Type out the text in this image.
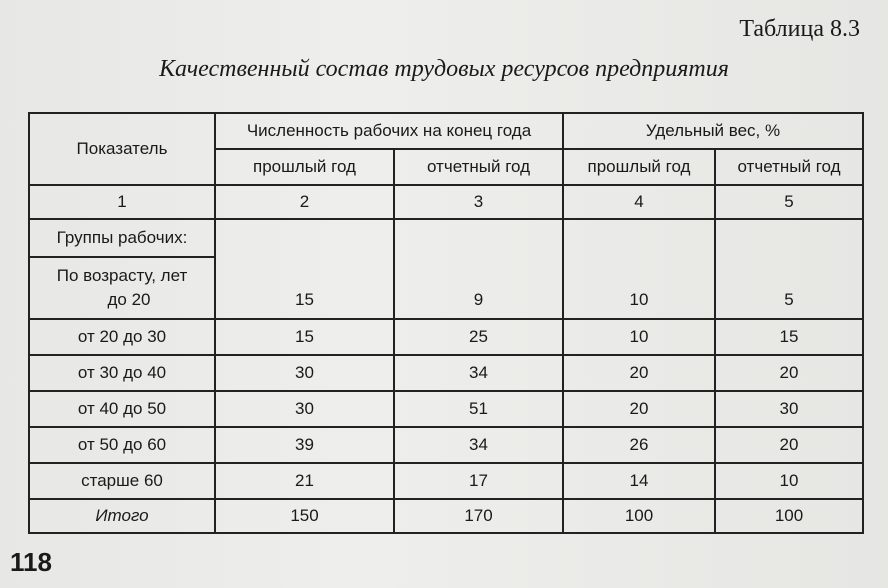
Таблица 8.3
Качественный состав трудовых ресурсов предприятия
Показатель	Численность рабочих на конец года		Удельный вес, %	
	прошлый год	отчетный год	прошлый год	отчетный год
1	2	3	4	5
Группы рабочих:				

По возрасту, лет
до 20	15	9	10	5
от 20 до 30	15	25	10	15
от 30 до 40	30	34	20	20
от 40 до 50	30	51	20	30
от 50 до 60	39	34	26	20
старше 60	21	17	14	10
Итого	150	170	100	100
118
